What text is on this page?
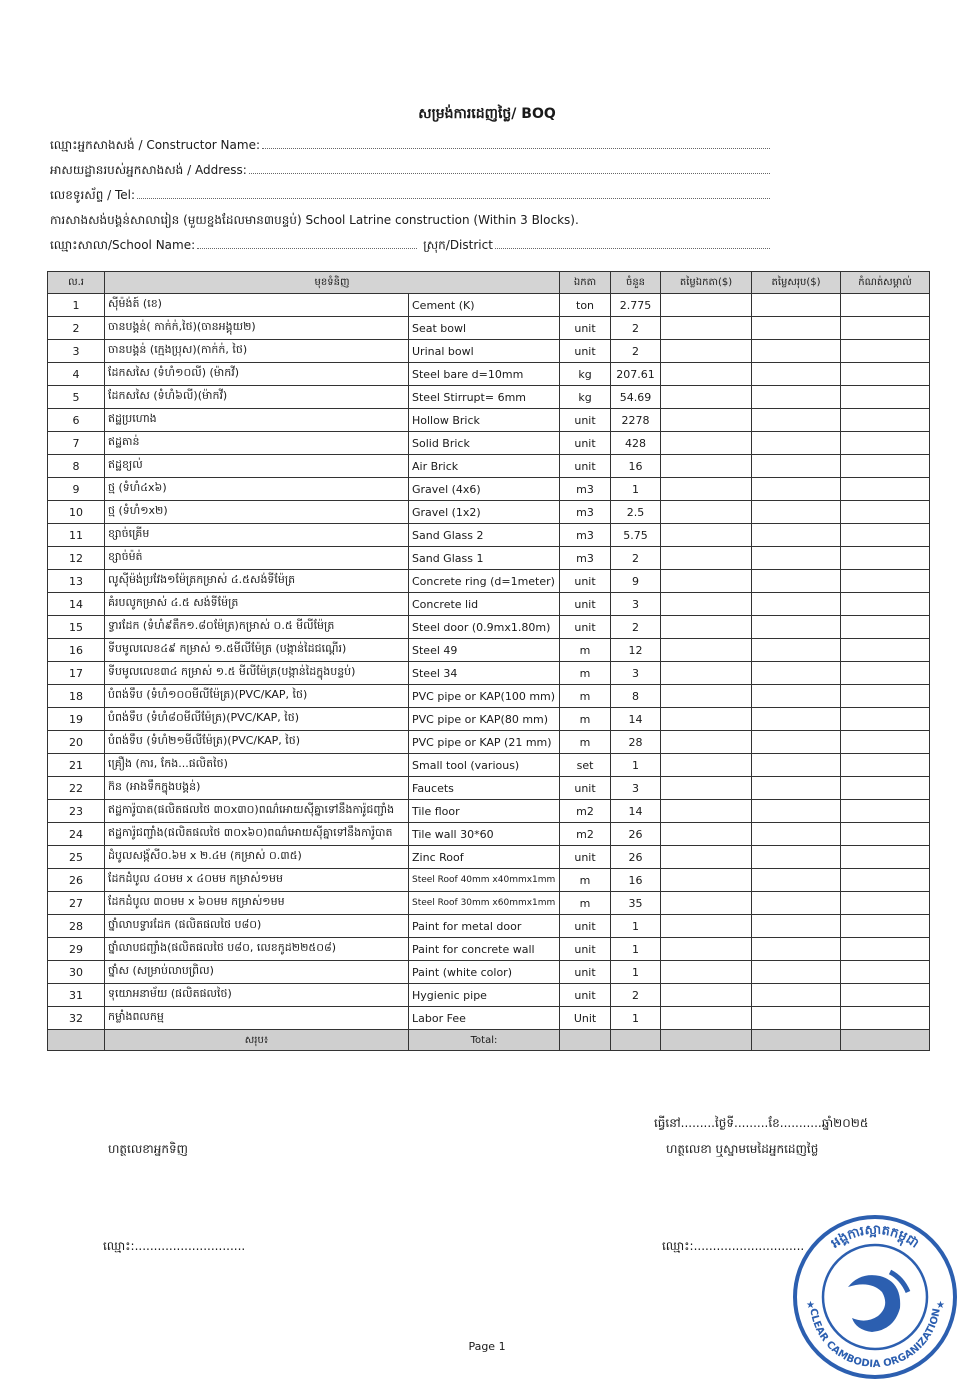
សម្រង់ការដេញថ្លៃ/ BOQ
ឈ្មោះអ្នកសាងសង់ / Constructor Name:
អាសយដ្ឋានរបស់អ្នកសាងសង់ / Address:
លេខទូរស័ព្ទ / Tel:
ការសាងសង់បង្គន់សាលារៀន (មួយខ្នងដែលមាន៣បន្ទប់) School Latrine construction (Within 3 Blocks).
ឈ្មោះសាលា/School Name:	ស្រុក/District
ល.រ	មុខទំនិញ		ឯកតា	ចំនួន	តម្លៃឯកតា($)	តម្លៃសរុប($)	កំណត់សម្គាល់
1	ស៊ីម៉ង់ត៍ (ខេ)	Cement (K)	ton	2.775			
2	ចានបង្គន់( កាក់ក់,ថៃ)(ចានអង្គុយ២)	Seat bowl	unit	2			
3	ចានបង្គន់ (ក្មេងប្រុស)(កាក់ក់, ថៃ)	Urinal bowl	unit	2			
4	ដែកសសៃ (ទំហំ១០លី) (ម៉ាកវី)	Steel bare d=10mm	kg	207.61			
5	ដែកសសៃ (ទំហំ៦លី)(ម៉ាកវី)	Steel Stirrupt= 6mm	kg	54.69			
6	ឥដ្ឋប្រហោង	Hollow Brick	unit	2278			
7	ឥដ្ឋតាន់	Solid Brick	unit	428			
8	ឥដ្ឋខ្យល់	Air Brick	unit	16			
9	ថ្ម (ទំហំ៤x៦)	Gravel (4x6)	m3	1			
10	ថ្ម (ទំហំ១x២)	Gravel (1x2)	m3	2.5			
11	ខ្សាច់គ្រើម	Sand Glass 2	m3	5.75			
12	ខ្សាច់ម៉ត់	Sand Glass 1	m3	2			
13	លូស៊ីម៉ង់ប្រវែង១ម៉ែត្រកម្រាស់ ៤.៥សង់ទីម៉ែត្រ	Concrete ring (d=1meter)	unit	9			
14	គំរបលូកម្រាស់ ៤.៥ សង់ទីម៉ែត្រ	Concrete lid	unit	3			
15	ទ្វារដែក (ទំហំ៩តឹក១.៨០ម៉ែត្រ)កម្រាស់ ០.៥ មីលីម៉ែត្រ	Steel door (0.9mx1.80m)	unit	2			
16	ទីបមូលលេខ៤៩ កម្រាស់ ១.៥មីលីម៉ែត្រ (បង្កាន់ដៃជណ្ដើរ)	Steel 49	m	12			
17	ទីបមូលលេខ៣៤ កម្រាស់ ១.៥ មីលីម៉ែត្រ(បង្កាន់ដៃក្នុងបន្ទប់)	Steel 34	m	3			
18	បំពង់ទឹប (ទំហំ១០០មីលីម៉ែត្រ)(PVC/KAP, ថៃ)	PVC pipe or KAP(100 mm)	m	8			
19	បំពង់ទឹប (ទំហំ៨០មីលីម៉ែត្រ)(PVC/KAP, ថៃ)	PVC pipe or KAP(80 mm)	m	14			
20	បំពង់ទឹប (ទំហំ២១មីលីម៉ែត្រ)(PVC/KAP, ថៃ)	PVC pipe or KAP (21 mm)	m	28			
21	គ្រឿង (ការ, កែង...ផលិតថៃ)	Small tool (various)	set	1			
22	ក៊ន (អាងទឹកក្នុងបង្គន់)	Faucets	unit	3			
23	ឥដ្ឋការ៉ូបាត(ផលិតផលថៃ ៣០x៣០)ពណ៌អោយស៊ីគ្នាទៅនឹងការ៉ូជញ្ជាំង	Tile floor	m2	14			
24	ឥដ្ឋការ៉ូជញ្ជាំង(ផលិតផលថៃ ៣០x៦០)ពណ៌អោយស៊ីគ្នាទៅនឹងការ៉ូបាត	Tile wall 30*60	m2	26			
25	ដំបូលសង្ក័សី០.៦ម x ២.៤ម (កម្រាស់ ០.៣៥)	Zinc Roof	unit	26			
26	ដែកដំបូល ៤០មម x ៤០មម កម្រាស់១មម	Steel Roof 40mm x40mmx1mm	m	16			
27	ដែកដំបូល ៣០មម x ៦០មម កម្រាស់១មម	Steel Roof 30mm x60mmx1mm	m	35			
28	ថ្នាំលាបទ្វារដែក (ផលិតផលថៃ ប៨០)	Paint for metal door	unit	1			
29	ថ្នាំលាបជញ្ជាំង(ផលិតផលថៃ ប៨០, លេខកូដ២២៥០៨)	Paint for concrete wall	unit	1			
30	ថ្នាំស (សម្រាប់លាបព្រិល)	Paint (white color)	unit	1			
31	ទុយោអនាម័យ (ផលិតផលថៃ)	Hygienic pipe	unit	2			
32	កម្លាំងពលកម្ម	Labor Fee	Unit	1			
	សរុប៖	Total:					
ធ្វើនៅ.........ថ្ងៃទី.........ខែ...........ឆ្នាំ២០២៥
ហត្ថលេខាអ្នកទិញ	ហត្ថលេខា ឬស្នាមមេដៃអ្នកដេញថ្លៃ
ឈ្មោះ:.............................	ឈ្មោះ:............................. អង្គការស្អាតកម្ពុជា
CLEAR CAMBODIA ORGANIZATION
★	★
Page 1
